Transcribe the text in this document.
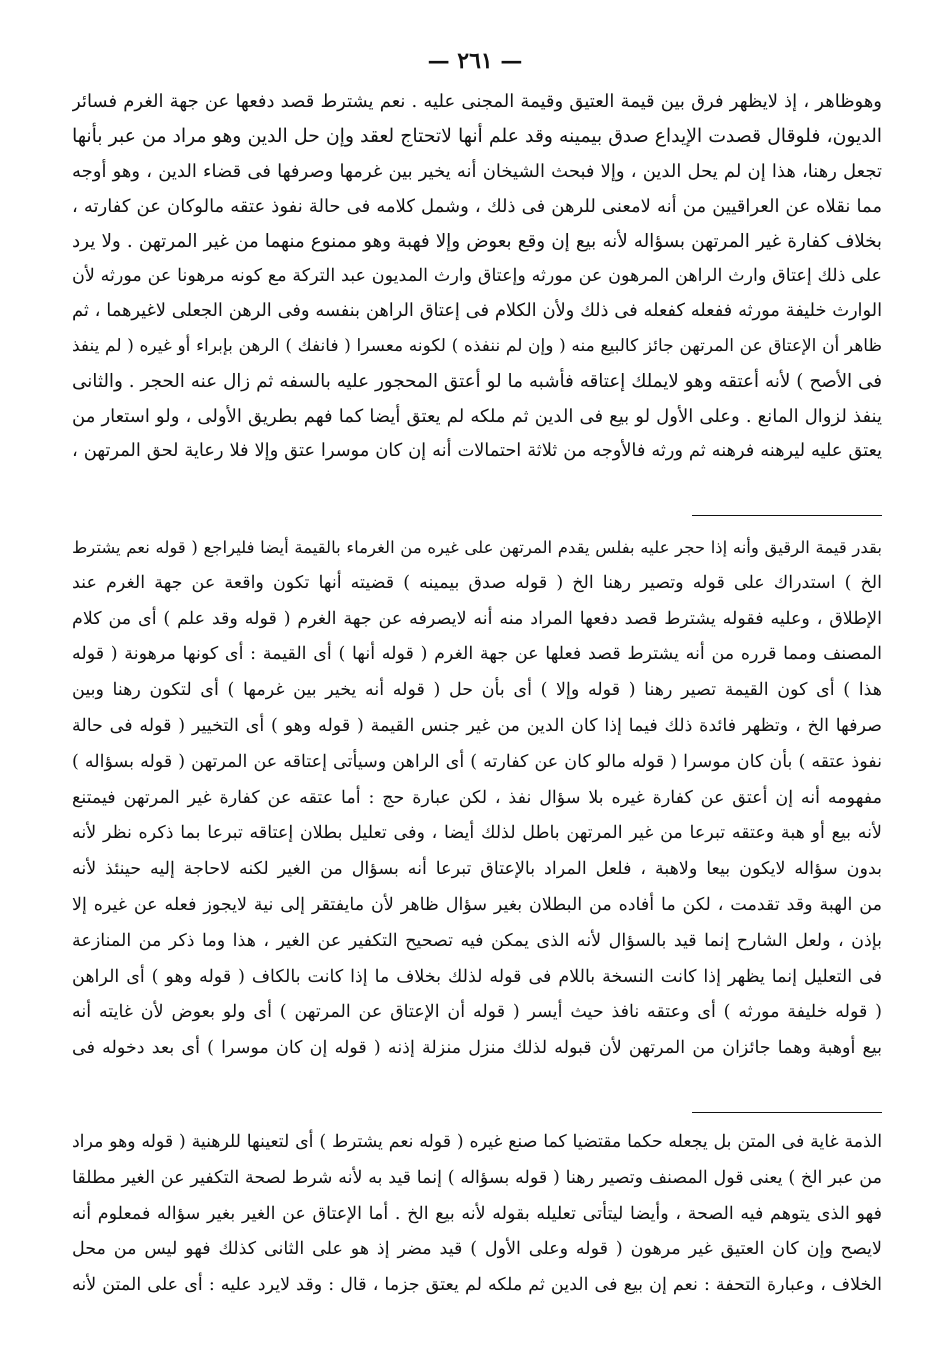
— ٢٦١ —
وهوظاهر ، إذ لايظهر فرق بين قيمة العتيق وقيمة المجنى عليه . نعم يشترط قصد دفعها عن جهة الغرم فسائر
الديون، فلوقال قصدت الإيداع صدق بيمينه وقد علم أنها لاتحتاج لعقد وإن حل الدين وهو مراد من عبر بأنها
تجعل رهنا، هذا إن لم يحل الدين ، وإلا فبحث الشيخان أنه يخير بين غرمها وصرفها فى قضاء الدين ، وهو أوجه
مما نقلاه عن العراقيين من أنه لامعنى للرهن فى ذلك ، وشمل كلامه فى حالة نفوذ عتقه مالوكان عن كفارته ،
بخلاف كفارة غير المرتهن بسؤاله لأنه بيع إن وقع بعوض وإلا فهبة وهو ممنوع منهما من غير المرتهن . ولا يرد
على ذلك إعتاق وارث الراهن المرهون عن مورثه وإعتاق وارث المديون عبد التركة مع كونه مرهونا عن مورثه لأن
الوارث خليفة مورثه ففعله كفعله فى ذلك ولأن الكلام فى إعتاق الراهن بنفسه وفى الرهن الجعلى لاغيرهما ، ثم
ظاهر أن الإعتاق عن المرتهن جائز كالبيع منه ( وإن لم ننفذه ) لكونه معسرا ( فانفك ) الرهن بإبراء أو غيره ( لم ينفذ
فى الأصح ) لأنه أعتقه وهو لايملك إعتاقه فأشبه ما لو أعتق المحجور عليه بالسفه ثم زال عنه الحجر . والثانى
ينفذ لزوال المانع . وعلى الأول لو بيع فى الدين ثم ملكه لم يعتق أيضا كما فهم بطريق الأولى ، ولو استعار من
يعتق عليه ليرهنه فرهنه ثم ورثه فالأوجه من ثلاثة احتمالات أنه إن كان موسرا عتق وإلا فلا رعاية لحق المرتهن ،
بقدر قيمة الرقيق وأنه إذا حجر عليه بفلس يقدم المرتهن على غيره من الغرماء بالقيمة أيضا فليراجع ( قوله نعم يشترط
الخ ) استدراك على قوله وتصير رهنا الخ ( قوله صدق بيمينه ) قضيته أنها تكون واقعة عن جهة الغرم عند
الإطلاق ، وعليه فقوله يشترط قصد دفعها المراد منه أنه لايصرفه عن جهة الغرم ( قوله وقد علم ) أى من كلام
المصنف ومما قرره من أنه يشترط قصد فعلها عن جهة الغرم ( قوله أنها ) أى القيمة : أى كونها مرهونة ( قوله
هذا ) أى كون القيمة تصير رهنا ( قوله وإلا ) أى بأن حل ( قوله أنه يخير بين غرمها ) أى لتكون رهنا وبين
صرفها الخ ، وتظهر فائدة ذلك فيما إذا كان الدين من غير جنس القيمة ( قوله وهو ) أى التخيير ( قوله فى حالة
نفوذ عتقه ) بأن كان موسرا ( قوله مالو كان عن كفارته ) أى الراهن وسيأتى إعتاقه عن المرتهن ( قوله بسؤاله )
مفهومه أنه إن أعتق عن كفارة غيره بلا سؤال نفذ ، لكن عبارة حج : أما عتقه عن كفارة غير المرتهن فيمتنع
لأنه بيع أو هبة وعتقه تبرعا من غير المرتهن باطل لذلك أيضا ، وفى تعليل بطلان إعتاقه تبرعا بما ذكره نظر لأنه
بدون سؤاله لايكون بيعا ولاهبة ، فلعل المراد بالإعتاق تبرعا أنه بسؤال من الغير لكنه لاحاجة إليه حينئذ لأنه
من الهبة وقد تقدمت ، لكن ما أفاده من البطلان بغير سؤال ظاهر لأن مايفتقر إلى نية لايجوز فعله عن غيره إلا
بإذن ، ولعل الشارح إنما قيد بالسؤال لأنه الذى يمكن فيه تصحيح التكفير عن الغير ، هذا وما ذكر من المنازعة
فى التعليل إنما يظهر إذا كانت النسخة باللام فى قوله لذلك بخلاف ما إذا كانت بالكاف ( قوله وهو ) أى الراهن
( قوله خليفة مورثه ) أى وعتقه نافذ حيث أيسر ( قوله أن الإعتاق عن المرتهن ) أى ولو بعوض لأن غايته أنه
بيع أوهبة وهما جائزان من المرتهن لأن قبوله لذلك منزل منزلة إذنه ( قوله إن كان موسرا ) أى بعد دخوله فى
الذمة غاية فى المتن بل يجعله حكما مقتضيا كما صنع غيره ( قوله نعم يشترط ) أى لتعينها للرهنية ( قوله وهو مراد
من عبر الخ ) يعنى قول المصنف وتصير رهنا ( قوله بسؤاله ) إنما قيد به لأنه شرط لصحة التكفير عن الغير مطلقا
فهو الذى يتوهم فيه الصحة ، وأيضا ليتأتى تعليله بقوله لأنه بيع الخ . أما الإعتاق عن الغير بغير سؤاله فمعلوم أنه
لايصح وإن كان العتيق غير مرهون ( قوله وعلى الأول ) قيد مضر إذ هو على الثانى كذلك فهو ليس من محل
الخلاف ، وعبارة التحفة : نعم إن بيع فى الدين ثم ملكه لم يعتق جزما ، قال : وقد لايرد عليه : أى على المتن لأنه
